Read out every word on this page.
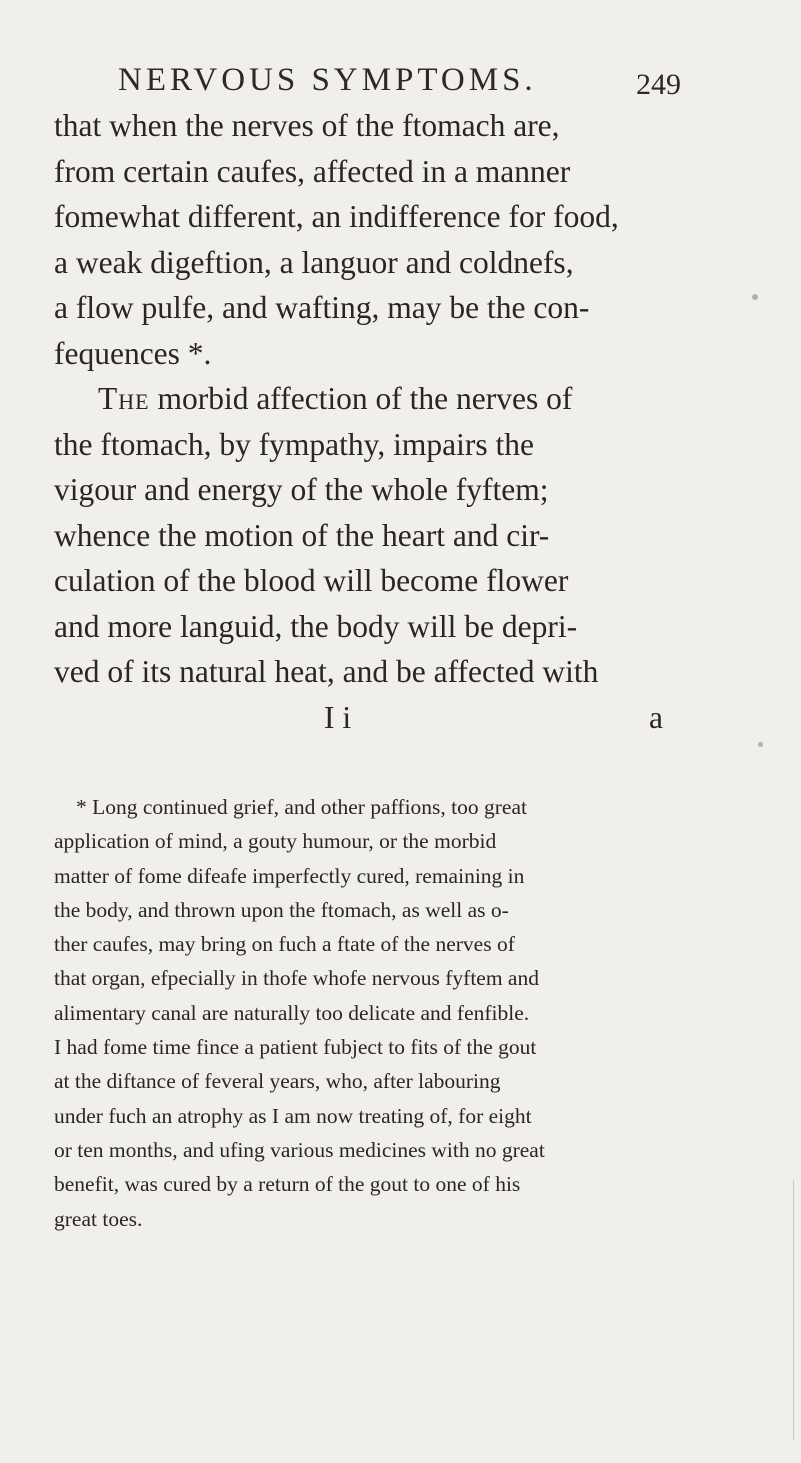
NERVOUS SYMPTOMS.	249
that when the nerves of the ftomach are,
from certain caufes, affected in a manner
fomewhat different, an indifference for food,
a weak digeftion, a languor and coldnefs,
a flow pulfe, and wafting, may be the con-
fequences *.
The morbid affection of the nerves of
the ftomach, by fympathy, impairs the
vigour and energy of the whole fyftem;
whence the motion of the heart and cir-
culation of the blood will become flower
and more languid, the body will be depri-
ved of its natural heat, and be affected with
I i	a
* Long continued grief, and other paffions, too great
application of mind, a gouty humour, or the morbid
matter of fome difeafe imperfectly cured, remaining in
the body, and thrown upon the ftomach, as well as o-
ther caufes, may bring on fuch a ftate of the nerves of
that organ, efpecially in thofe whofe nervous fyftem and
alimentary canal are naturally too delicate and fenfible.
I had fome time fince a patient fubject to fits of the gout
at the diftance of feveral years, who, after labouring
under fuch an atrophy as I am now treating of, for eight
or ten months, and ufing various medicines with no great
benefit, was cured by a return of the gout to one of his
great toes.
